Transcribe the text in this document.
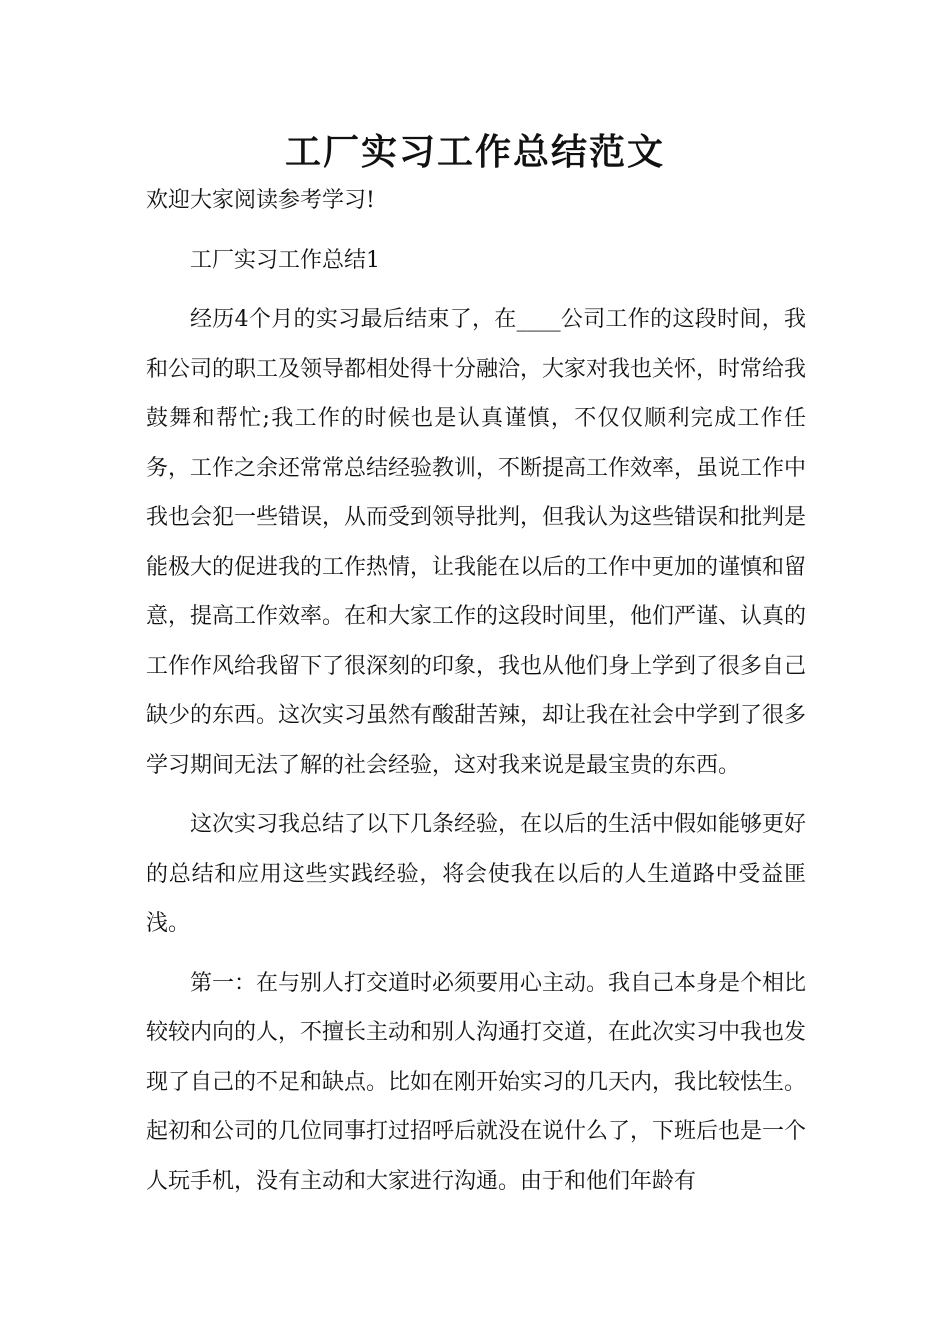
工厂实习工作总结范文

欢迎大家阅读参考学习!

工厂实习工作总结1

经历4个月的实习最后结束了，在____公司工作的这段时间，我和公司的职工及领导都相处得十分融洽，大家对我也关怀，时常给我鼓舞和帮忙;我工作的时候也是认真谨慎，不仅仅顺利完成工作任务，工作之余还常常总结经验教训，不断提高工作效率，虽说工作中我也会犯一些错误，从而受到领导批判，但我认为这些错误和批判是能极大的促进我的工作热情，让我能在以后的工作中更加的谨慎和留意，提高工作效率。在和大家工作的这段时间里，他们严谨、认真的工作作风给我留下了很深刻的印象，我也从他们身上学到了很多自己缺少的东西。这次实习虽然有酸甜苦辣，却让我在社会中学到了很多学习期间无法了解的社会经验，这对我来说是最宝贵的东西。

这次实习我总结了以下几条经验，在以后的生活中假如能够更好的总结和应用这些实践经验，将会使我在以后的人生道路中受益匪浅。

第一：在与别人打交道时必须要用心主动。我自己本身是个相比较较内向的人，不擅长主动和别人沟通打交道，在此次实习中我也发现了自己的不足和缺点。比如在刚开始实习的几天内，我比较怯生。起初和公司的几位同事打过招呼后就没在说什么了，下班后也是一个人玩手机，没有主动和大家进行沟通。由于和他们年龄有
